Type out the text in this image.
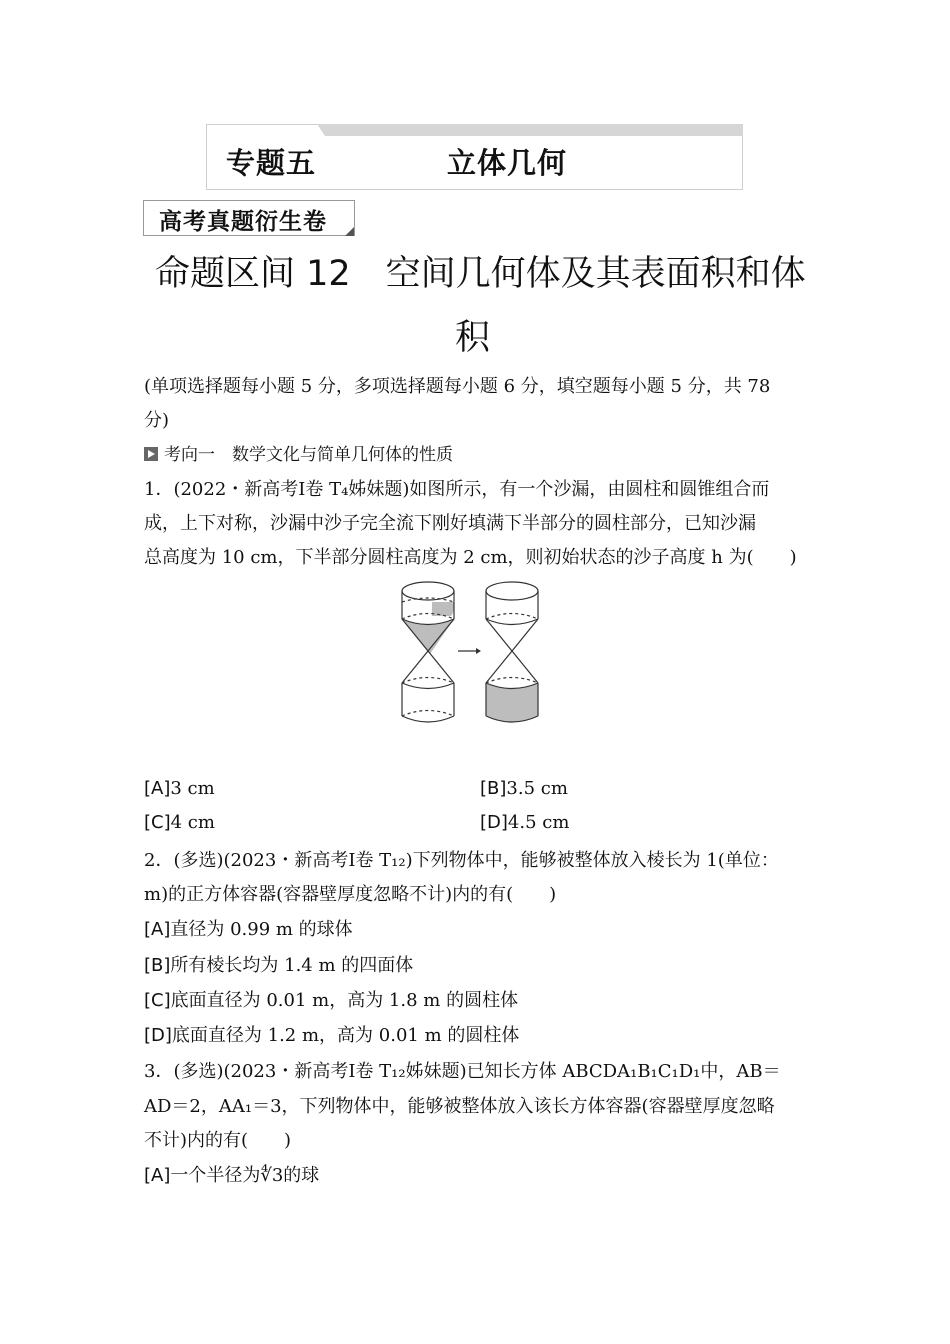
专题五	立体几何
高考真题衍生卷
命题区间 12　空间几何体及其表面积和体
积
(单项选择题每小题 5 分，多项选择题每小题 6 分，填空题每小题 5 分，共 78
分)
考向一　数学文化与简单几何体的性质
1．(2022・新高考Ⅰ卷 T₄姊妹题)如图所示，有一个沙漏，由圆柱和圆锥组合而
成，上下对称，沙漏中沙子完全流下刚好填满下半部分的圆柱部分，已知沙漏
总高度为 10 cm，下半部分圆柱高度为 2 cm，则初始状态的沙子高度 h 为(　　)
[A]3 cm	[B]3.5 cm
[C]4 cm	[D]4.5 cm
2．(多选)(2023・新高考Ⅰ卷 T₁₂)下列物体中，能够被整体放入棱长为 1(单位：
m)的正方体容器(容器壁厚度忽略不计)内的有(　　)
[A]直径为 0.99 m 的球体
[B]所有棱长均为 1.4 m 的四面体
[C]底面直径为 0.01 m，高为 1.8 m 的圆柱体
[D]底面直径为 1.2 m，高为 0.01 m 的圆柱体
3．(多选)(2023・新高考Ⅰ卷 T₁₂姊妹题)已知长方体 ABCDA₁B₁C₁D₁中，AB＝
AD＝2，AA₁＝3，下列物体中，能够被整体放入该长方体容器(容器壁厚度忽略
不计)内的有(　　)
[A]一个半径为∜3的球
